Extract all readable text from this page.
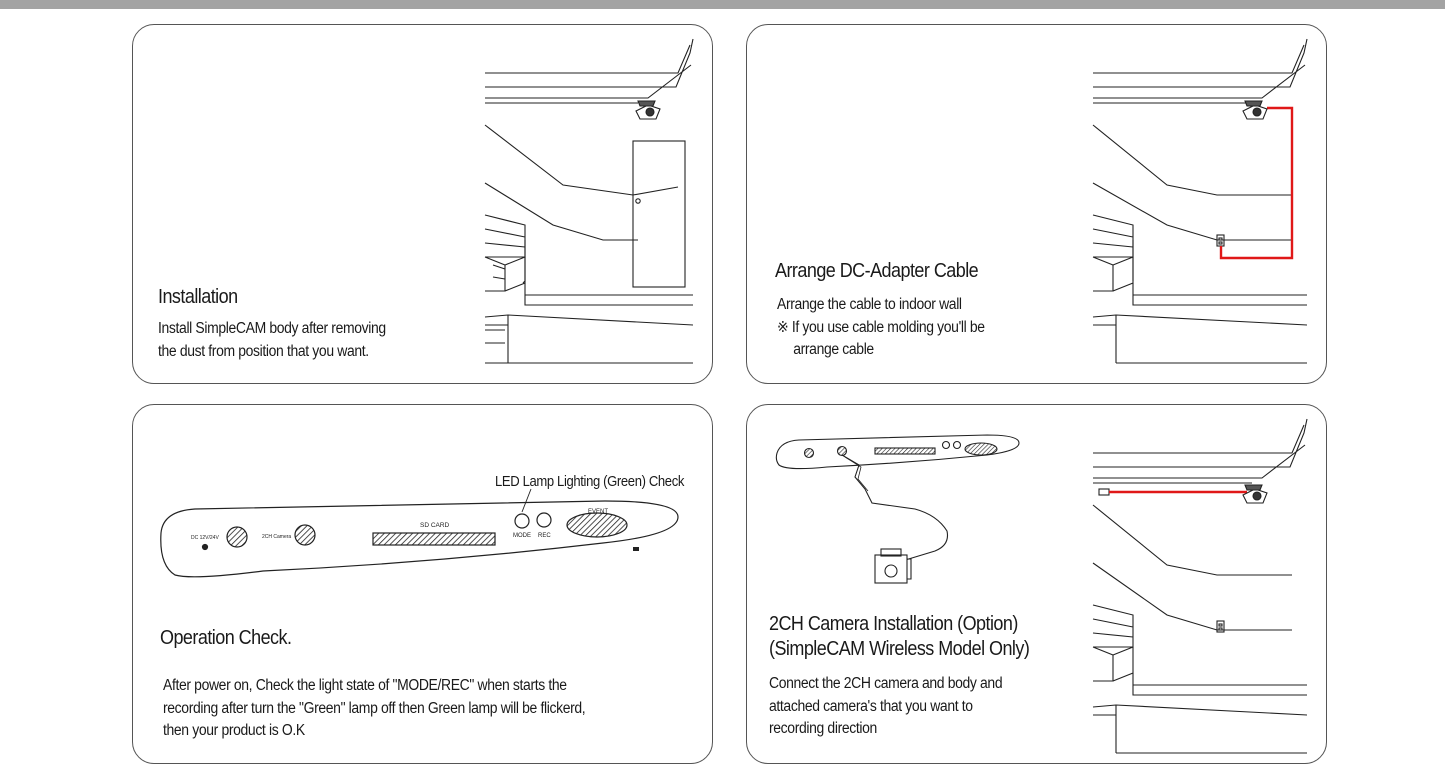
Installation
Install SimpleCAM body after removing
the dust from position that you want.
Arrange DC-Adapter Cable
Arrange the cable to indoor wall
※ If you use cable molding you'll be
arrange cable
DC 12V/24V	2CH Camera
SD CARD
MODE REC
EVENT
LED Lamp Lighting (Green) Check
Operation Check.
After power on, Check the light state of "MODE/REC" when starts the
recording after turn the "Green" lamp off then Green lamp will be flickerd,
then your product is O.K
2CH Camera Installation (Option)
(SimpleCAM Wireless Model Only)
Connect the 2CH camera and body and
attached camera's that you want to
recording direction
